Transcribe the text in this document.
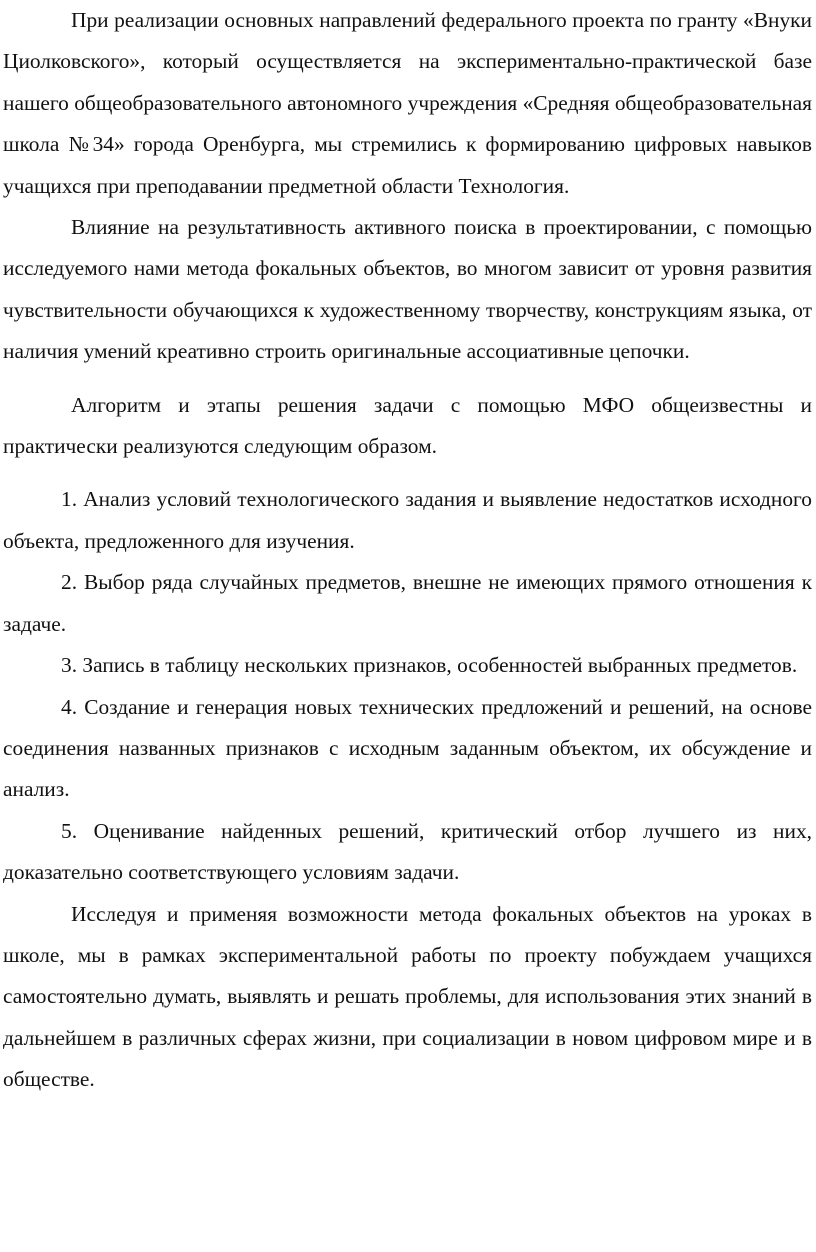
При реализации основных направлений федерального проекта по гранту «Внуки Циолковского», который осуществляется на экспериментально-практической базе нашего общеобразовательного автономного учреждения «Средняя общеобразовательная школа №34» города Оренбурга, мы стремились к формированию цифровых навыков учащихся при преподавании предметной области Технология.

Влияние на результативность активного поиска в проектировании, с помощью исследуемого нами метода фокальных объектов, во многом зависит от уровня развития чувствительности обучающихся к художественному творчеству, конструкциям языка, от наличия умений креативно строить оригинальные ассоциативные цепочки.

Алгоритм и этапы решения задачи с помощью МФО общеизвестны и практически реализуются следующим образом.

1. Анализ условий технологического задания и выявление недостатков исходного объекта, предложенного для изучения.

2. Выбор ряда случайных предметов, внешне не имеющих прямого отношения к задаче.

3. Запись в таблицу нескольких признаков, особенностей выбранных предметов.

4. Создание и генерация новых технических предложений и решений, на основе соединения названных признаков с исходным заданным объектом, их обсуждение и анализ.

5. Оценивание найденных решений, критический отбор лучшего из них, доказательно соответствующего условиям задачи.

Исследуя и применяя возможности метода фокальных объектов на уроках в школе, мы в рамках экспериментальной работы по проекту побуждаем учащихся самостоятельно думать, выявлять и решать проблемы, для использования этих знаний в дальнейшем в различных сферах жизни, при социализации в новом цифровом мире и в обществе.
